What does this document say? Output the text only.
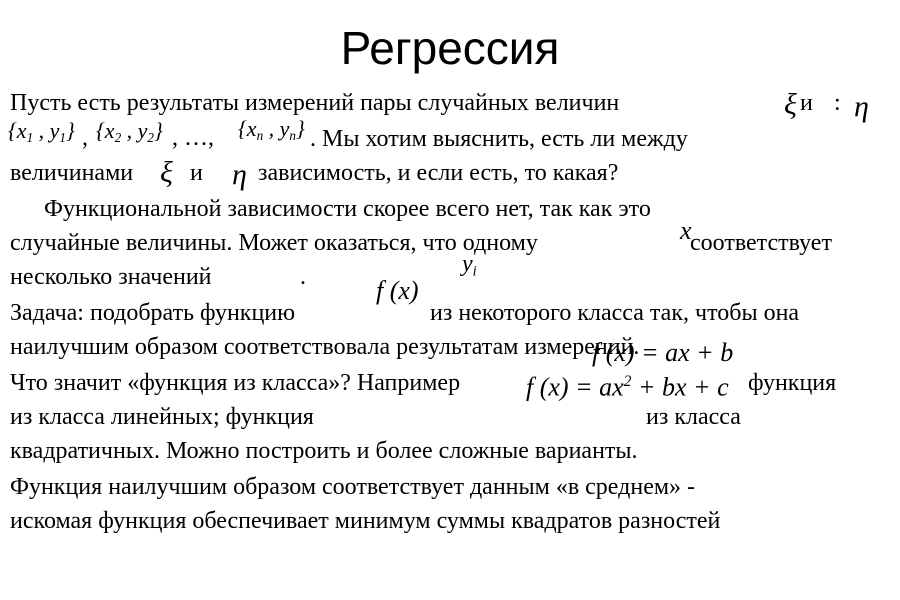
Регрессия
Пусть есть результаты измерений пары случайных величин	ξ и : η
{$x_1$ , $y_1$} , {$x_2$ , $y_2$} , …, {$x_n$ , $y_n$} . Мы хотим выяснить, есть ли между
величинами ξ и η зависимость, и если есть, то какая?
Функциональной зависимости скорее всего нет, так как это
случайные величины. Может оказаться, что одному	x
соответствует
$y_i$
несколько значений	.
Задача: подобрать функцию
f (x)
из некоторого класса так, чтобы она
наилучшим образом соответствовала результатам измерений.
f (x) = ax + b
Что значит «функция из класса»? Например	f $(x) = ax^2$ + bx + c функция
из класса линейных; функция	из класса
квадратичных. Можно построить и более сложные варианты.
Функция наилучшим образом соответствует данным «в среднем» -
искомая функция обеспечивает минимум суммы квадратов разностей
